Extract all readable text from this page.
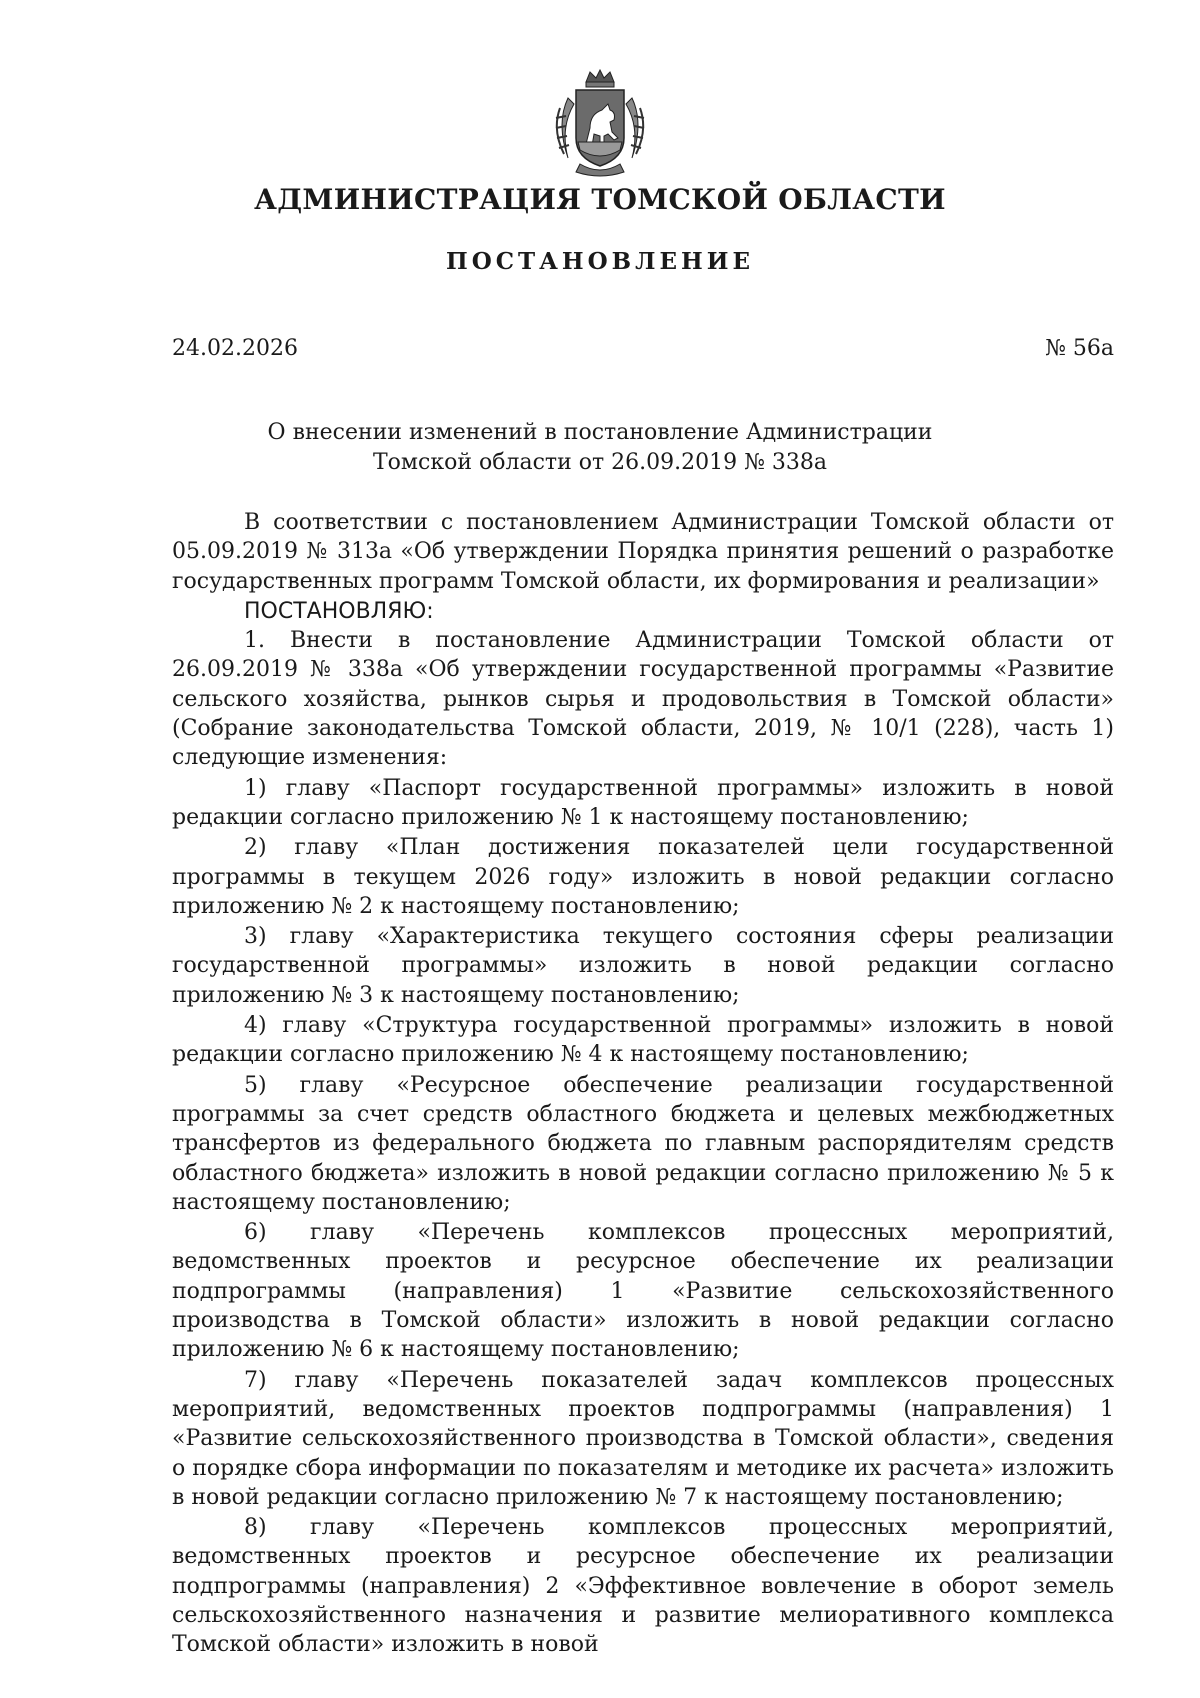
АДМИНИСТРАЦИЯ ТОМСКОЙ ОБЛАСТИ
ПОСТАНОВЛЕНИЕ
24.02.2026	№ 56а
О внесении изменений в постановление Администрации
Томской области от 26.09.2019 № 338а

В соответствии с постановлением Администрации Томской области от 05.09.2019 № 313а «Об утверждении Порядка принятия решений о разработке государственных программ Томской области, их формирования и реализации»

ПОСТАНОВЛЯЮ:

1. Внести в постановление Администрации Томской области от 26.09.2019 № 338а «Об утверждении государственной программы «Развитие сельского хозяйства, рынков сырья и продовольствия в Томской области» (Собрание законодательства Томской области, 2019, № 10/1 (228), часть 1) следующие изменения:

1) главу «Паспорт государственной программы» изложить в новой редакции согласно приложению № 1 к настоящему постановлению;

2) главу «План достижения показателей цели государственной программы в текущем 2026 году» изложить в новой редакции согласно приложению № 2 к настоящему постановлению;

3) главу «Характеристика текущего состояния сферы реализации государственной программы» изложить в новой редакции согласно приложению № 3 к настоящему постановлению;

4) главу «Структура государственной программы» изложить в новой редакции согласно приложению № 4 к настоящему постановлению;

5) главу «Ресурсное обеспечение реализации государственной программы за счет средств областного бюджета и целевых межбюджетных трансфертов из федерального бюджета по главным распорядителям средств областного бюджета» изложить в новой редакции согласно приложению № 5 к настоящему постановлению;

6) главу «Перечень комплексов процессных мероприятий, ведомственных проектов и ресурсное обеспечение их реализации подпрограммы (направления) 1 «Развитие сельскохозяйственного производства в Томской области» изложить в новой редакции согласно приложению № 6 к настоящему постановлению;

7) главу «Перечень показателей задач комплексов процессных мероприятий, ведомственных проектов подпрограммы (направления) 1 «Развитие сельскохозяйственного производства в Томской области», сведения о порядке сбора информации по показателям и методике их расчета» изложить в новой редакции согласно приложению № 7 к настоящему постановлению;

8) главу «Перечень комплексов процессных мероприятий, ведомственных проектов и ресурсное обеспечение их реализации подпрограммы (направления) 2 «Эффективное вовлечение в оборот земель сельскохозяйственного назначения и развитие мелиоративного комплекса Томской области» изложить в новой
